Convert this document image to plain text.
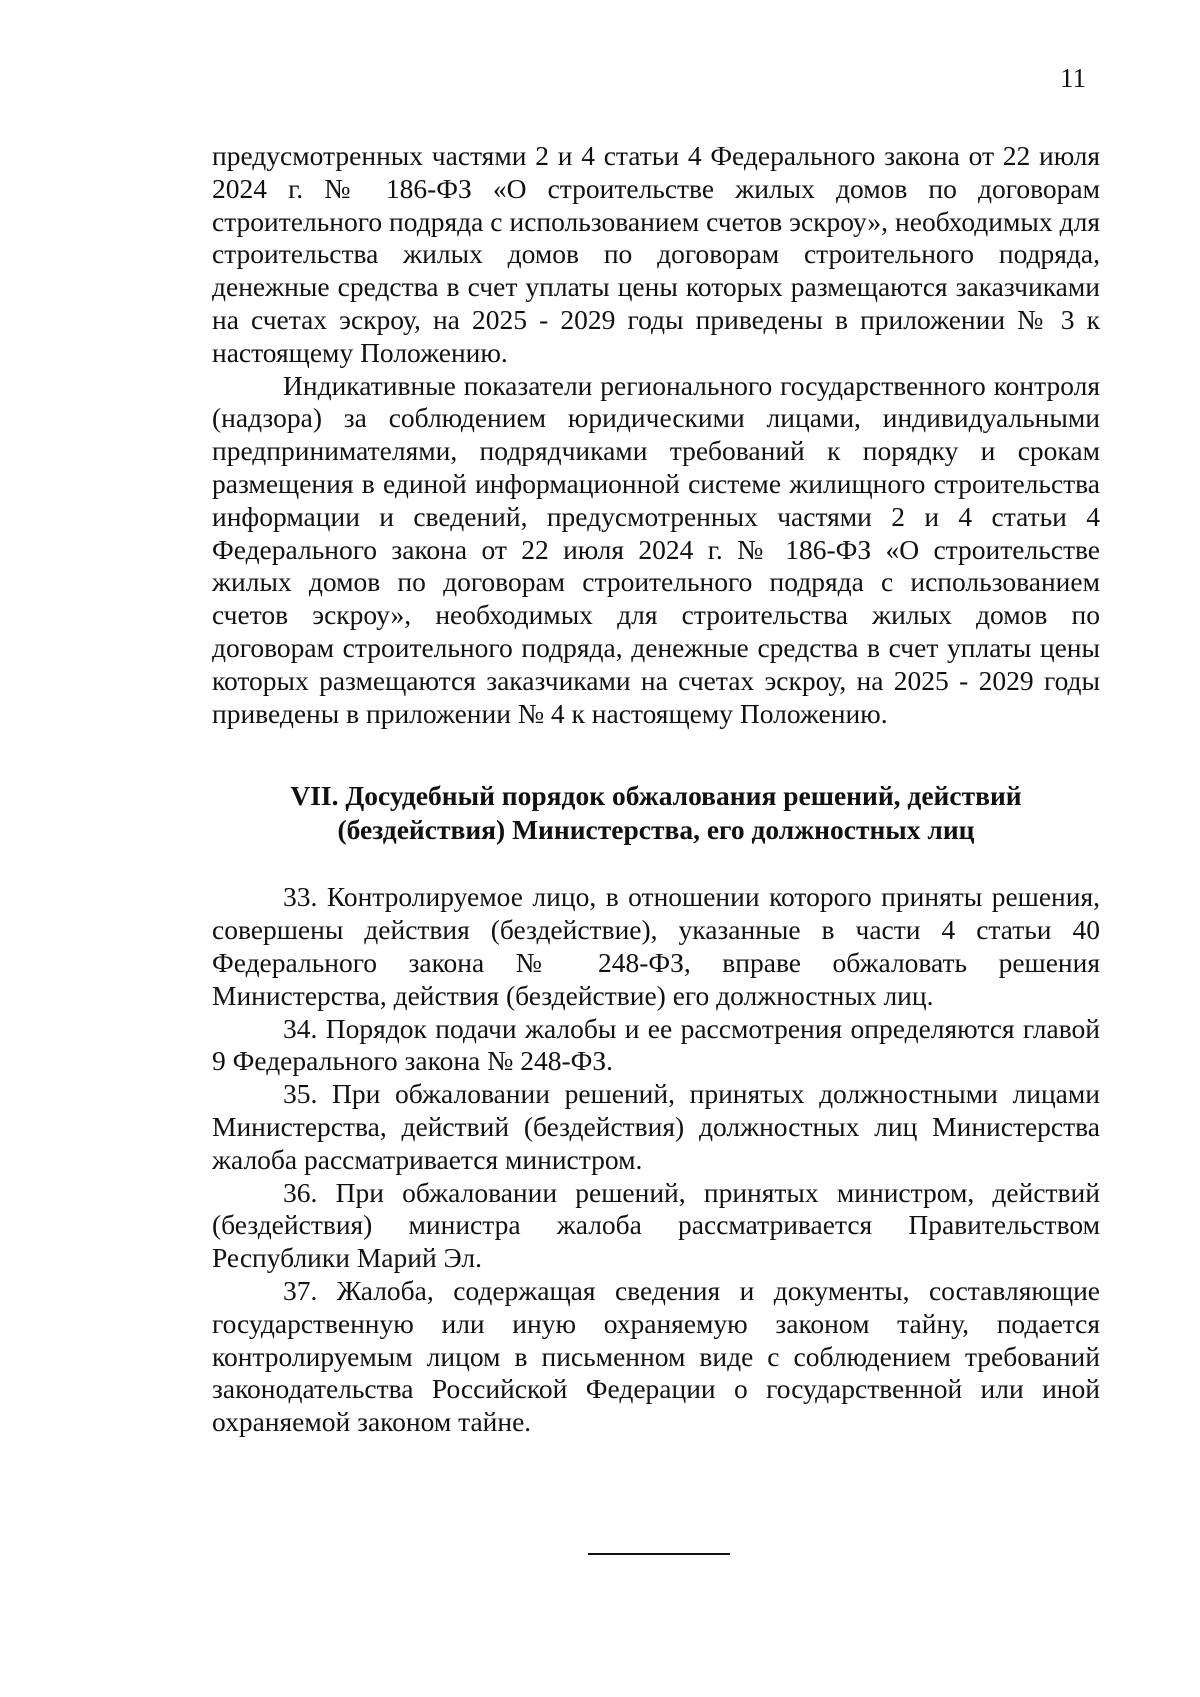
11

предусмотренных частями 2 и 4 статьи 4 Федерального закона от 22 июля 2024 г. № 186-ФЗ «О строительстве жилых домов по договорам строительного подряда с использованием счетов эскроу», необходимых для строительства жилых домов по договорам строительного подряда, денежные средства в счет уплаты цены которых размещаются заказчиками на счетах эскроу, на 2025 - 2029 годы приведены в приложении № 3 к настоящему Положению.

Индикативные показатели регионального государственного контроля (надзора) за соблюдением юридическими лицами, индивидуальными предпринимателями, подрядчиками требований к порядку и срокам размещения в единой информационной системе жилищного строительства информации и сведений, предусмотренных частями 2 и 4 статьи 4 Федерального закона от 22 июля 2024 г. № 186-ФЗ «О строительстве жилых домов по договорам строительного подряда с использованием счетов эскроу», необходимых для строительства жилых домов по договорам строительного подряда, денежные средства в счет уплаты цены которых размещаются заказчиками на счетах эскроу, на 2025 - 2029 годы приведены в приложении № 4 к настоящему Положению.

VII. Досудебный порядок обжалования решений, действий
(бездействия) Министерства, его должностных лиц

33. Контролируемое лицо, в отношении которого приняты решения, совершены действия (бездействие), указанные в части 4 статьи 40 Федерального закона № 248-ФЗ, вправе обжаловать решения Министерства, действия (бездействие) его должностных лиц.

34. Порядок подачи жалобы и ее рассмотрения определяются главой 9 Федерального закона № 248-ФЗ.

35. При обжаловании решений, принятых должностными лицами Министерства, действий (бездействия) должностных лиц Министерства жалоба рассматривается министром.

36. При обжаловании решений, принятых министром, действий (бездействия) министра жалоба рассматривается Правительством Республики Марий Эл.

37. Жалоба, содержащая сведения и документы, составляющие государственную или иную охраняемую законом тайну, подается контролируемым лицом в письменном виде с соблюдением требований законодательства Российской Федерации о государственной или иной охраняемой законом тайне.
